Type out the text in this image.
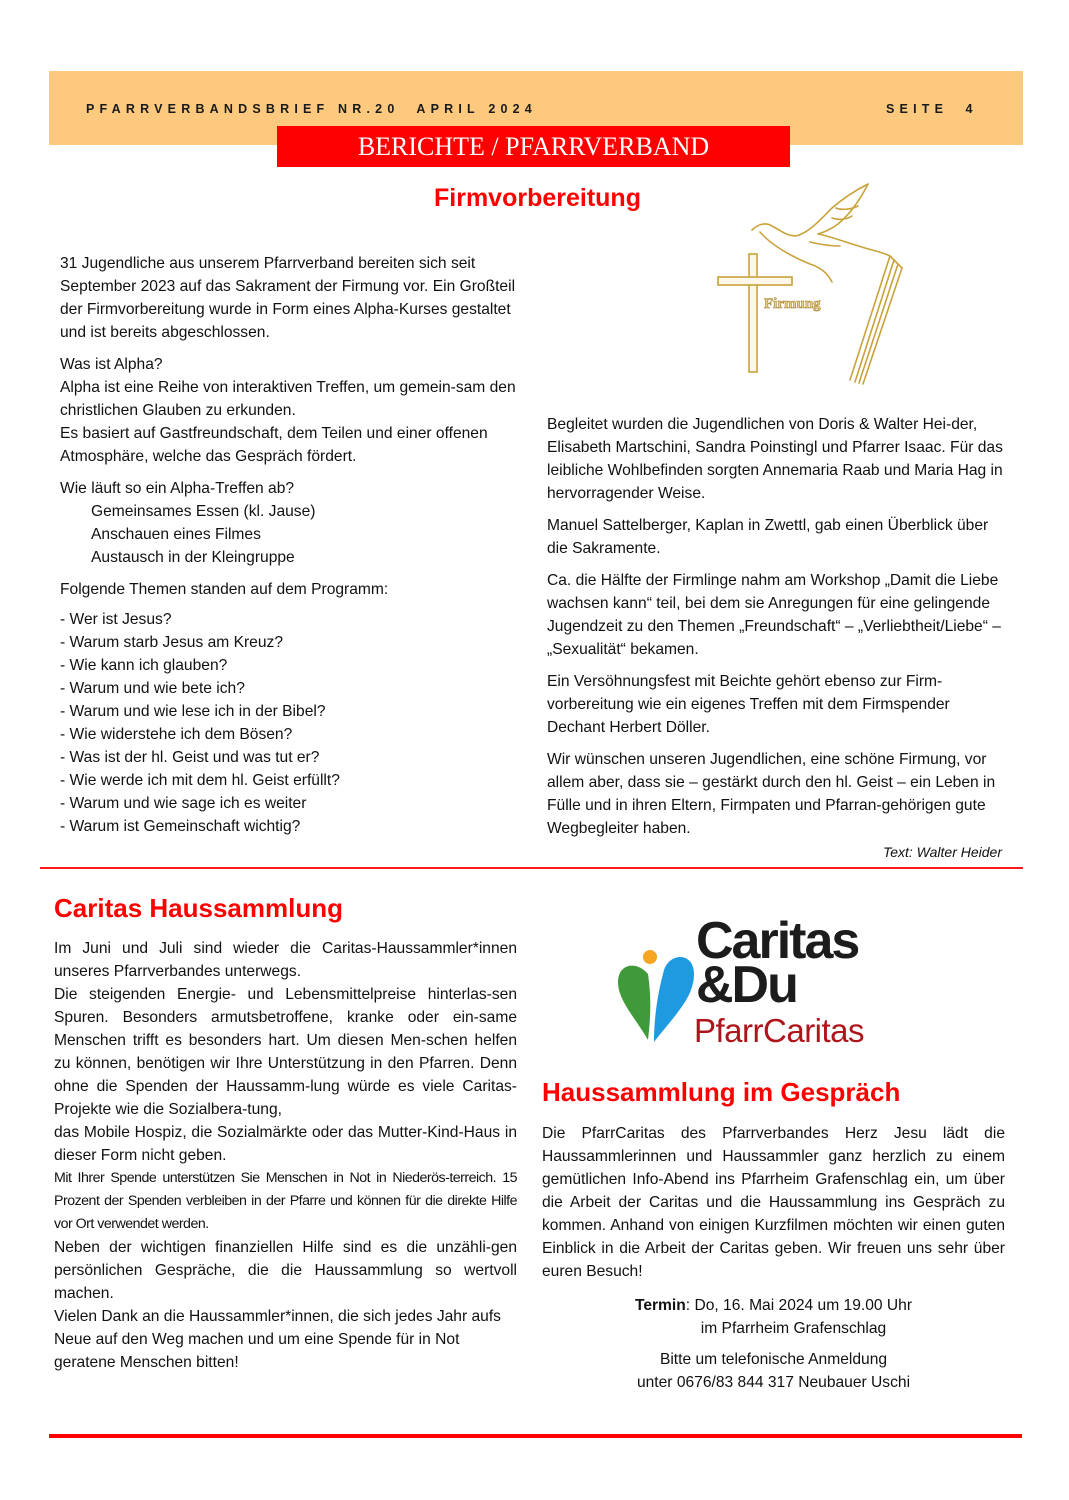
PFARRVERBANDSBRIEF NR.20  APRIL 2024	SEITE  4
BERICHTE / PFARRVERBAND
Firmvorbereitung
Firmung

31 Jugendliche aus unserem Pfarrverband bereiten sich seit September 2023 auf das Sakrament der Firmung vor. Ein Großteil der Firmvorbereitung wurde in Form eines Alpha-Kurses gestaltet und ist bereits abgeschlossen.

Was ist Alpha?
Alpha ist eine Reihe von interaktiven Treffen, um gemein-sam den christlichen Glauben zu erkunden.
Es basiert auf Gastfreundschaft, dem Teilen und einer offenen Atmosphäre, welche das Gespräch fördert.

Wie läuft so ein Alpha-Treffen ab?
Gemeinsames Essen (kl. Jause)
Anschauen eines Filmes
Austausch in der Kleingruppe

Folgende Themen standen auf dem Programm:

- Wer ist Jesus?
- Warum starb Jesus am Kreuz?
- Wie kann ich glauben?
- Warum und wie bete ich?
- Warum und wie lese ich in der Bibel?
- Wie widerstehe ich dem Bösen?
- Was ist der hl. Geist und was tut er?
- Wie werde ich mit dem hl. Geist erfüllt?
- Warum und wie sage ich es weiter
- Warum ist Gemeinschaft wichtig?

Begleitet wurden die Jugendlichen von Doris & Walter Hei-der, Elisabeth Martschini, Sandra Poinstingl und Pfarrer Isaac. Für das leibliche Wohlbefinden sorgten Annemaria Raab und Maria Hag in hervorragender Weise.

Manuel Sattelberger, Kaplan in Zwettl, gab einen Überblick über die Sakramente.

Ca. die Hälfte der Firmlinge nahm am Workshop „Damit die Liebe wachsen kann“ teil, bei dem sie Anregungen für eine gelingende Jugendzeit zu den Themen „Freundschaft“ – „Verliebtheit/Liebe“ – „Sexualität“ bekamen.

Ein Versöhnungsfest mit Beichte gehört ebenso zur Firm-vorbereitung wie ein eigenes Treffen mit dem Firmspender Dechant Herbert Döller.

Wir wünschen unseren Jugendlichen, eine schöne Firmung, vor allem aber, dass sie – gestärkt durch den hl. Geist – ein Leben in Fülle und in ihren Eltern, Firmpaten und Pfarran-gehörigen gute Wegbegleiter haben.

Text: Walter Heider
Caritas Haussammlung

Im Juni und Juli sind wieder die Caritas-Haussammler*innen unseres Pfarrverbandes unterwegs.

Die steigenden Energie- und Lebensmittelpreise hinterlas-sen Spuren. Besonders armutsbetroffene, kranke oder ein-same Menschen trifft es besonders hart. Um diesen Men-schen helfen zu können, benötigen wir Ihre Unterstützung in den Pfarren. Denn ohne die Spenden der Haussamm-lung würde es viele Caritas-Projekte wie die Sozialbera-tung,

das Mobile Hospiz, die Sozialmärkte oder das Mutter-Kind-Haus in dieser Form nicht geben.

Mit Ihrer Spende unterstützen Sie Menschen in Not in Niederös-terreich. 15 Prozent der Spenden verbleiben in der Pfarre und können für die direkte Hilfe vor Ort verwendet werden.

Neben der wichtigen finanziellen Hilfe sind es die unzähli-gen persönlichen Gespräche, die die Haussammlung so wertvoll machen.

Vielen Dank an die Haussammler*innen, die sich jedes Jahr aufs Neue auf den Weg machen und um eine Spende für in Not geratene Menschen bitten!

Caritas
&Du
PfarrCaritas
Haussammlung im Gespräch

Die PfarrCaritas des Pfarrverbandes Herz Jesu lädt die Haussammlerinnen und Haussammler ganz herzlich zu einem gemütlichen Info-Abend ins Pfarrheim Grafenschlag ein, um über die Arbeit der Caritas und die Haussammlung ins Gespräch zu kommen. Anhand von einigen Kurzfilmen möchten wir einen guten Einblick in die Arbeit der Caritas geben. Wir freuen uns sehr über euren Besuch!

Termin: Do, 16. Mai 2024 um 19.00 Uhr

im Pfarrheim Grafenschlag

Bitte um telefonische Anmeldung

unter 0676/83 844 317 Neubauer Uschi
